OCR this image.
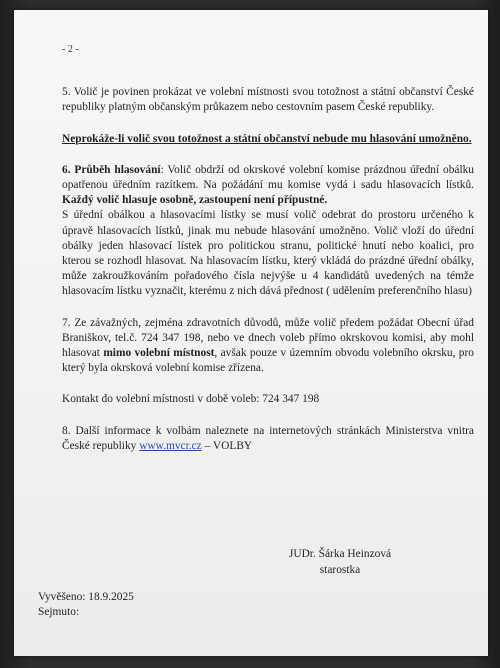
- 2 -

5. Volič je povinen prokázat ve volební místnosti svou totožnost a státní občanství České republiky platným občanským průkazem nebo cestovním pasem České republiky.

Neprokáže-li volič svou totožnost a státní občanství nebude mu hlasování umožněno.

6. Průběh hlasování: Volič obdrží od okrskové volební komise prázdnou úřední obálku opatřenou úředním razítkem. Na požádání mu komise vydá i sadu hlasovacích lístků. Každý volič hlasuje osobně, zastoupení není přípustné.

S úřední obálkou a hlasovacími lístky se musí volič odebrat do prostoru určeného k úpravě hlasovacích lístků, jinak mu nebude hlasování umožněno. Volič vloží do úřední obálky jeden hlasovací lístek pro politickou stranu, politické hnutí nebo koalici, pro kterou se rozhodl hlasovat. Na hlasovacím lístku, který vkládá do prázdné úřední obálky, může zakroužkováním pořadového čísla nejvýše u 4 kandidátů uvedených na témže hlasovacím lístku vyznačit, kterému z nich dává přednost ( udělením preferenčního hlasu)

7. Ze závažných, zejména zdravotních důvodů, může volič předem požádat Obecní úřad Braniškov, tel.č. 724 347 198, nebo ve dnech voleb přímo okrskovou komisi, aby mohl hlasovat mimo volební místnost, avšak pouze v územním obvodu volebního okrsku, pro který byla okrsková volební komise zřízena.

Kontakt do volební místnosti v době voleb: 724 347 198

8. Další informace k volbám naleznete na internetových stránkách Ministerstva vnitra České republiky www.mvcr.cz – VOLBY

JUDr. Šárka Heinzová
starostka
Vyvěšeno: 18.9.2025
Sejmuto:
